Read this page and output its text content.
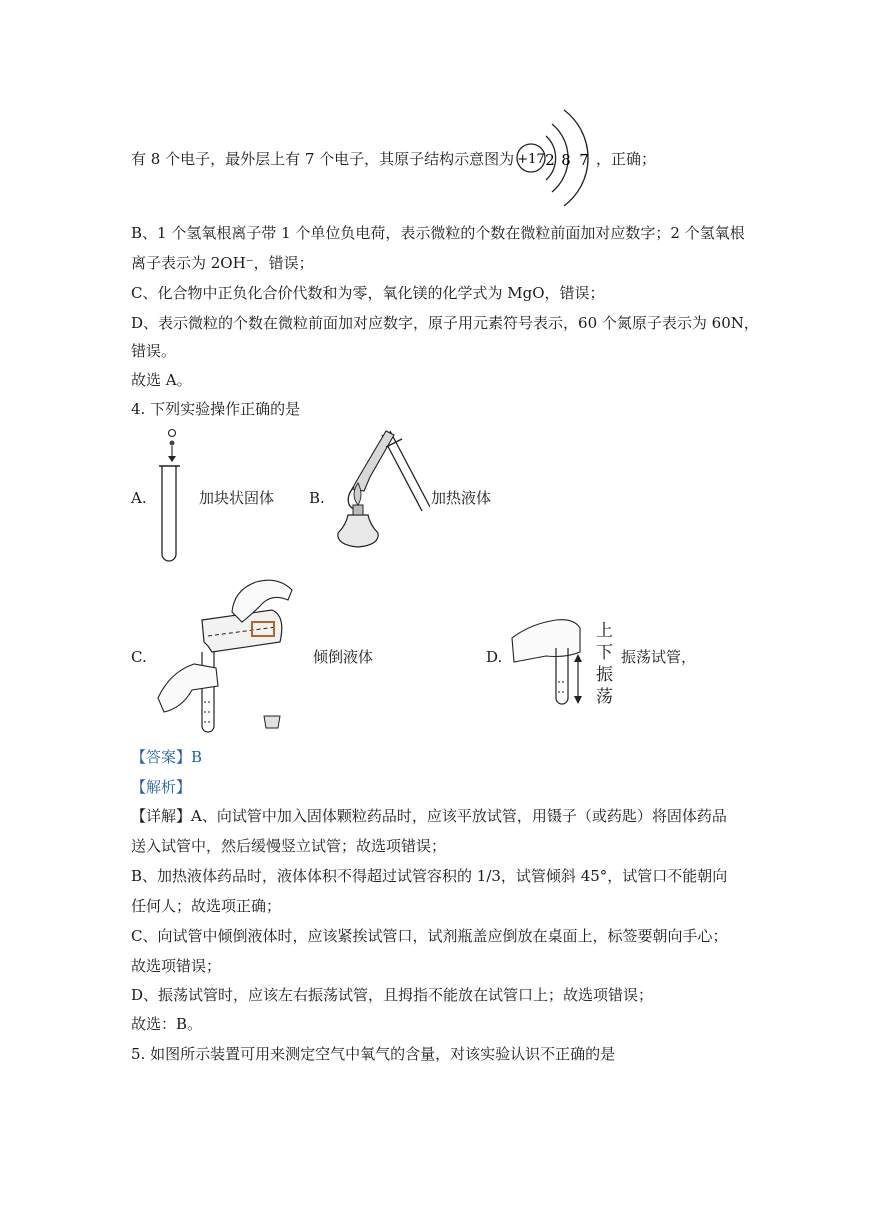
有 8 个电子，最外层上有 7 个电子，其原子结构示意图为 +17 2 8 7 ，正确；
B、1 个氢氧根离子带 1 个单位负电荷，表示微粒的个数在微粒前面加对应数字；2 个氢氧根
离子表示为 2OH⁻，错误；
C、化合物中正负化合价代数和为零，氧化镁的化学式为 MgO，错误；
D、表示微粒的个数在微粒前面加对应数字，原子用元素符号表示，60 个氮原子表示为 60N，
错误。
故选 A。
4. 下列实验操作正确的是
A.	加块状固体 B.	加热液体
C.	倾倒液体	D.
上
下
振
荡
振荡试管，
【答案】B
【解析】
【详解】A、向试管中加入固体颗粒药品时，应该平放试管，用镊子（或药匙）将固体药品
送入试管中，然后缓慢竖立试管；故选项错误；
B、加热液体药品时，液体体积不得超过试管容积的 1/3，试管倾斜 45°，试管口不能朝向
任何人；故选项正确；
C、向试管中倾倒液体时，应该紧挨试管口，试剂瓶盖应倒放在桌面上，标签要朝向手心；
故选项错误；
D、振荡试管时，应该左右振荡试管，且拇指不能放在试管口上；故选项错误；
故选：B。
5. 如图所示装置可用来测定空气中氧气的含量，对该实验认识不正确的是
